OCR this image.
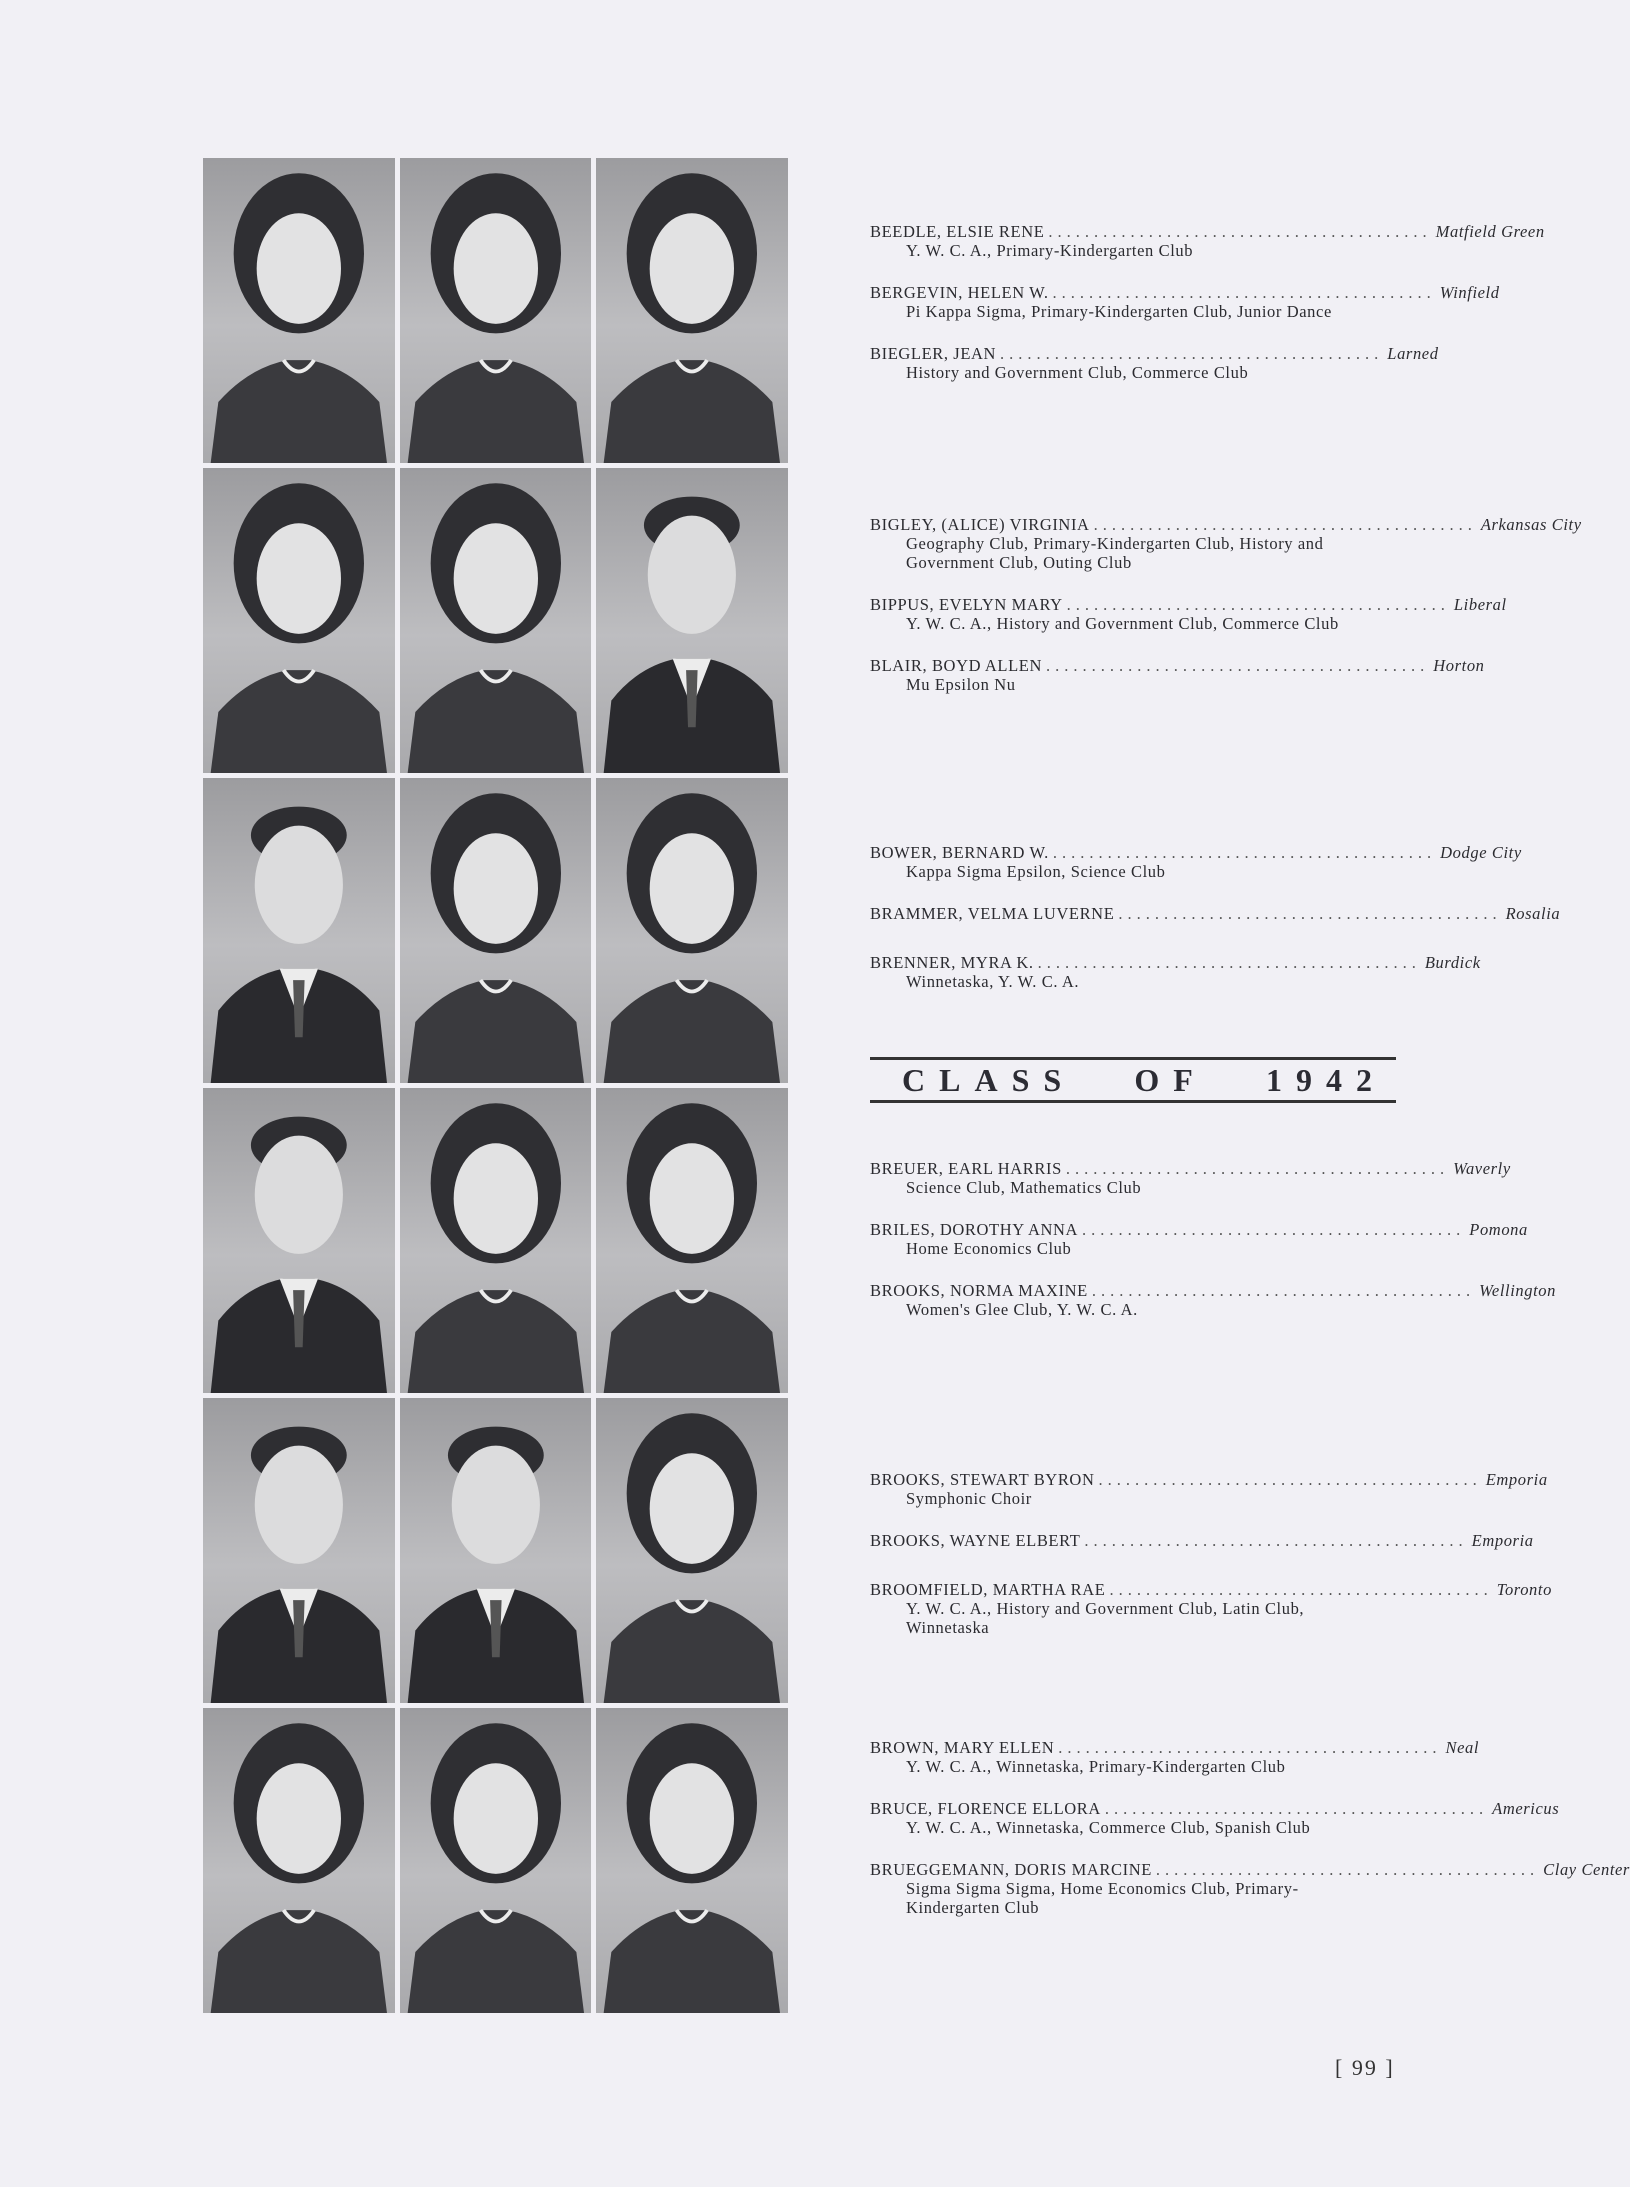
BEEDLE, ELSIE RENE .......................................... Matfield Green
Y. W. C. A., Primary-Kindergarten Club
BERGEVIN, HELEN W. .......................................... Winfield
Pi Kappa Sigma, Primary-Kindergarten Club, Junior Dance
BIEGLER, JEAN .......................................... Larned
History and Government Club, Commerce Club
BIGLEY, (ALICE) VIRGINIA .......................................... Arkansas City
Geography Club, Primary-Kindergarten Club, History and Government Club, Outing Club
BIPPUS, EVELYN MARY .......................................... Liberal
Y. W. C. A., History and Government Club, Commerce Club
BLAIR, BOYD ALLEN .......................................... Horton
Mu Epsilon Nu
BOWER, BERNARD W. .......................................... Dodge City
Kappa Sigma Epsilon, Science Club
BRAMMER, VELMA LUVERNE .......................................... Rosalia
BRENNER, MYRA K. .......................................... Burdick
Winnetaska, Y. W. C. A.
CLASS OF 1942
BREUER, EARL HARRIS .......................................... Waverly
Science Club, Mathematics Club
BRILES, DOROTHY ANNA .......................................... Pomona
Home Economics Club
BROOKS, NORMA MAXINE .......................................... Wellington
Women's Glee Club, Y. W. C. A.
BROOKS, STEWART BYRON .......................................... Emporia
Symphonic Choir
BROOKS, WAYNE ELBERT .......................................... Emporia
BROOMFIELD, MARTHA RAE .......................................... Toronto
Y. W. C. A., History and Government Club, Latin Club, Winnetaska
BROWN, MARY ELLEN .......................................... Neal
Y. W. C. A., Winnetaska, Primary-Kindergarten Club
BRUCE, FLORENCE ELLORA .......................................... Americus
Y. W. C. A., Winnetaska, Commerce Club, Spanish Club
BRUEGGEMANN, DORIS MARCINE .......................................... Clay Center
Sigma Sigma Sigma, Home Economics Club, Primary-Kindergarten Club
[ 99 ]
